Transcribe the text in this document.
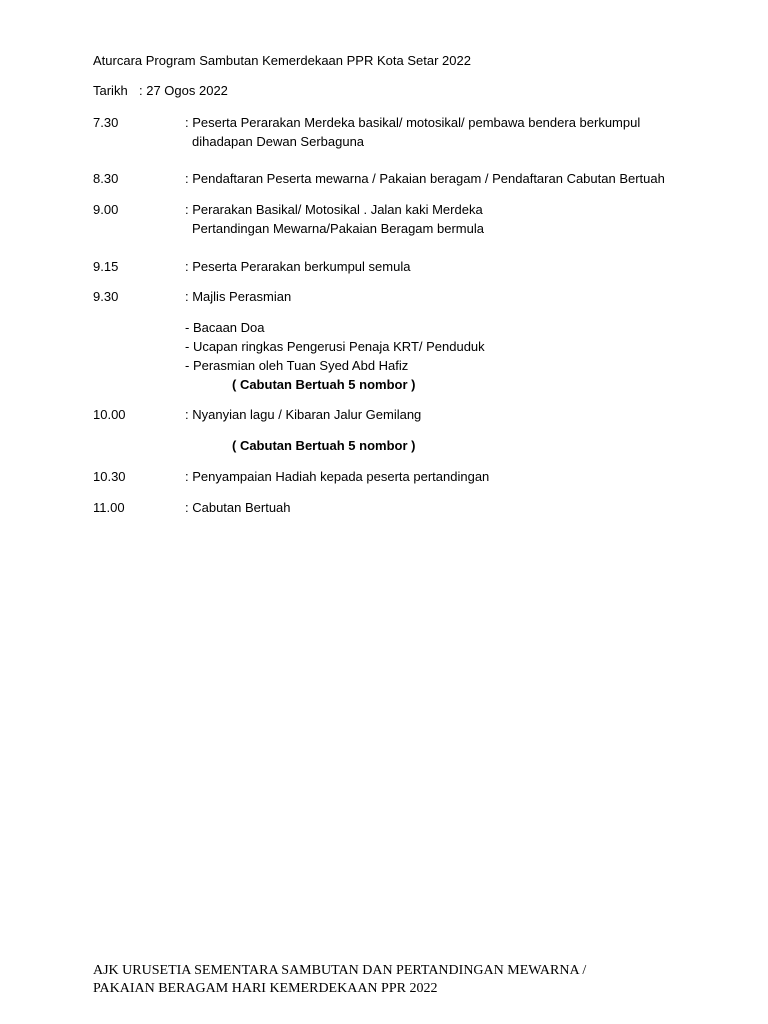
Aturcara Program Sambutan Kemerdekaan PPR Kota Setar 2022
Tarikh : 27 Ogos 2022
7.30	: Peserta Perarakan Merdeka basikal/ motosikal/ pembawa bendera berkumpul
dihadapan Dewan Serbaguna
8.30	: Pendaftaran Peserta mewarna / Pakaian beragam / Pendaftaran Cabutan Bertuah
9.00	: Perarakan Basikal/ Motosikal . Jalan kaki Merdeka
Pertandingan Mewarna/Pakaian Beragam bermula
9.15	: Peserta Perarakan berkumpul semula
9.30	: Majlis Perasmian
- Bacaan Doa
- Ucapan ringkas Pengerusi Penaja KRT/ Penduduk
- Perasmian oleh Tuan Syed Abd Hafiz
( Cabutan Bertuah 5 nombor )
10.00	: Nyanyian lagu / Kibaran Jalur Gemilang
( Cabutan Bertuah 5 nombor )
10.30	: Penyampaian Hadiah kepada peserta pertandingan
11.00	: Cabutan Bertuah
AJK URUSETIA SEMENTARA SAMBUTAN DAN PERTANDINGAN MEWARNA /
PAKAIAN BERAGAM HARI KEMERDEKAAN PPR 2022
